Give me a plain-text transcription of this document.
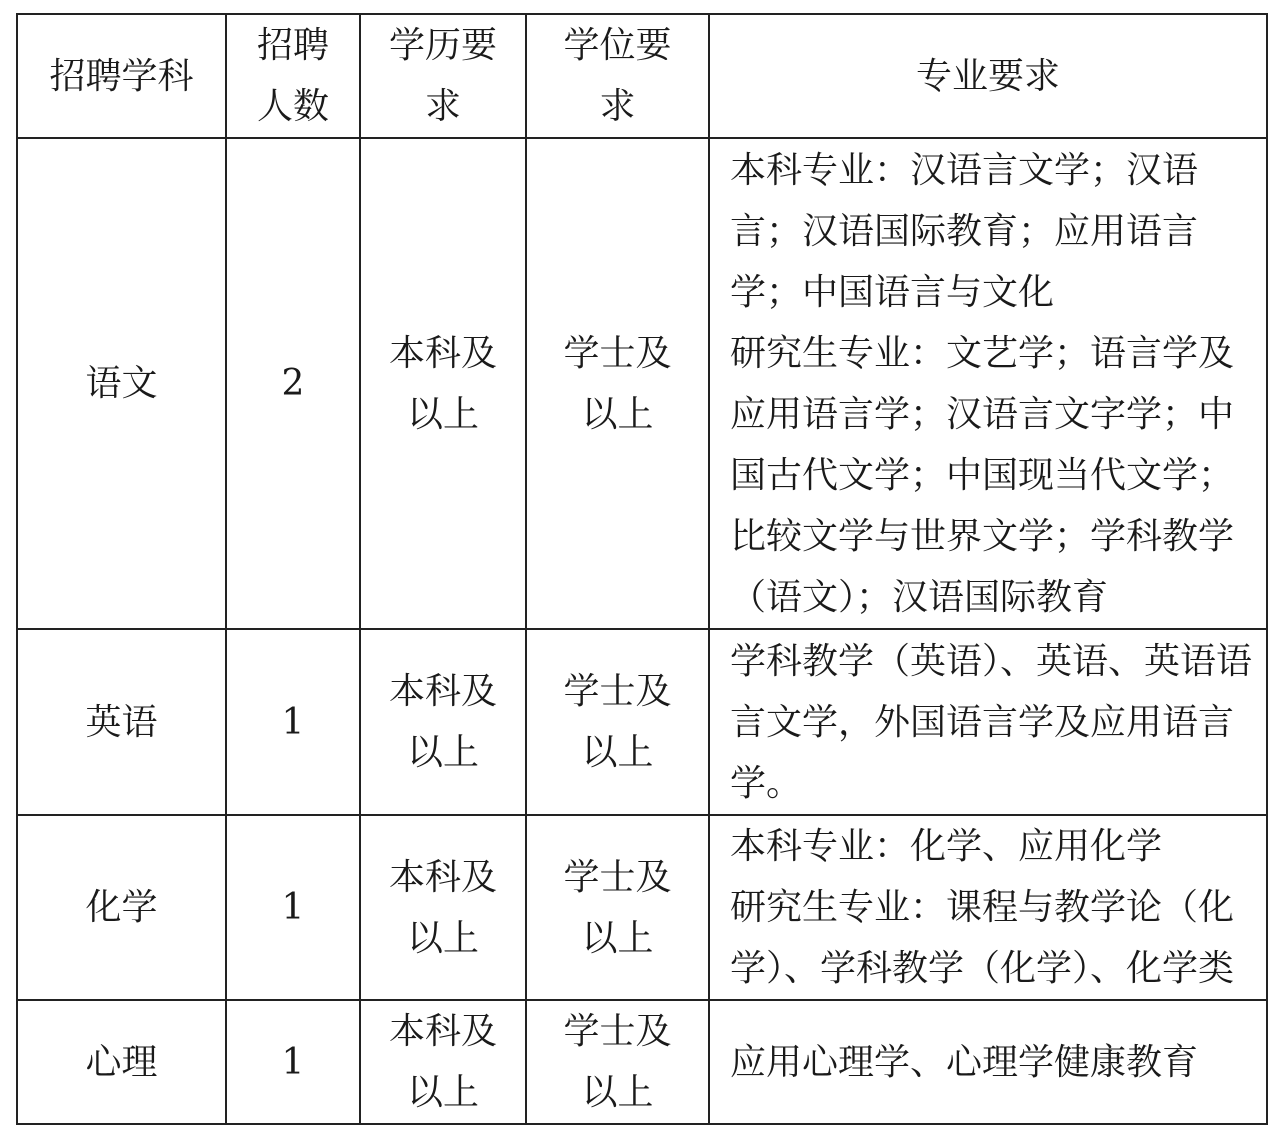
招聘学科	招聘人数	学历要求	学位要求	专业要求
语文	2	本科及以上	学士及以上	本科专业：汉语言文学；汉语言；汉语国际教育；应用语言学；中国语言与文化
研究生专业：文艺学；语言学及应用语言学；汉语言文字学；中国古代文学；中国现当代文学；比较文学与世界文学；学科教学（语文）；汉语国际教育

英语	1	本科及以上	学士及以上	学科教学（英语）、英语、英语语言文学，外国语言学及应用语言学。

化学	1	本科及以上	学士及以上	本科专业：化学、应用化学
研究生专业：课程与教学论（化学）、学科教学（化学）、化学类

心理	1	本科及以上	学士及以上	应用心理学、心理学健康教育
